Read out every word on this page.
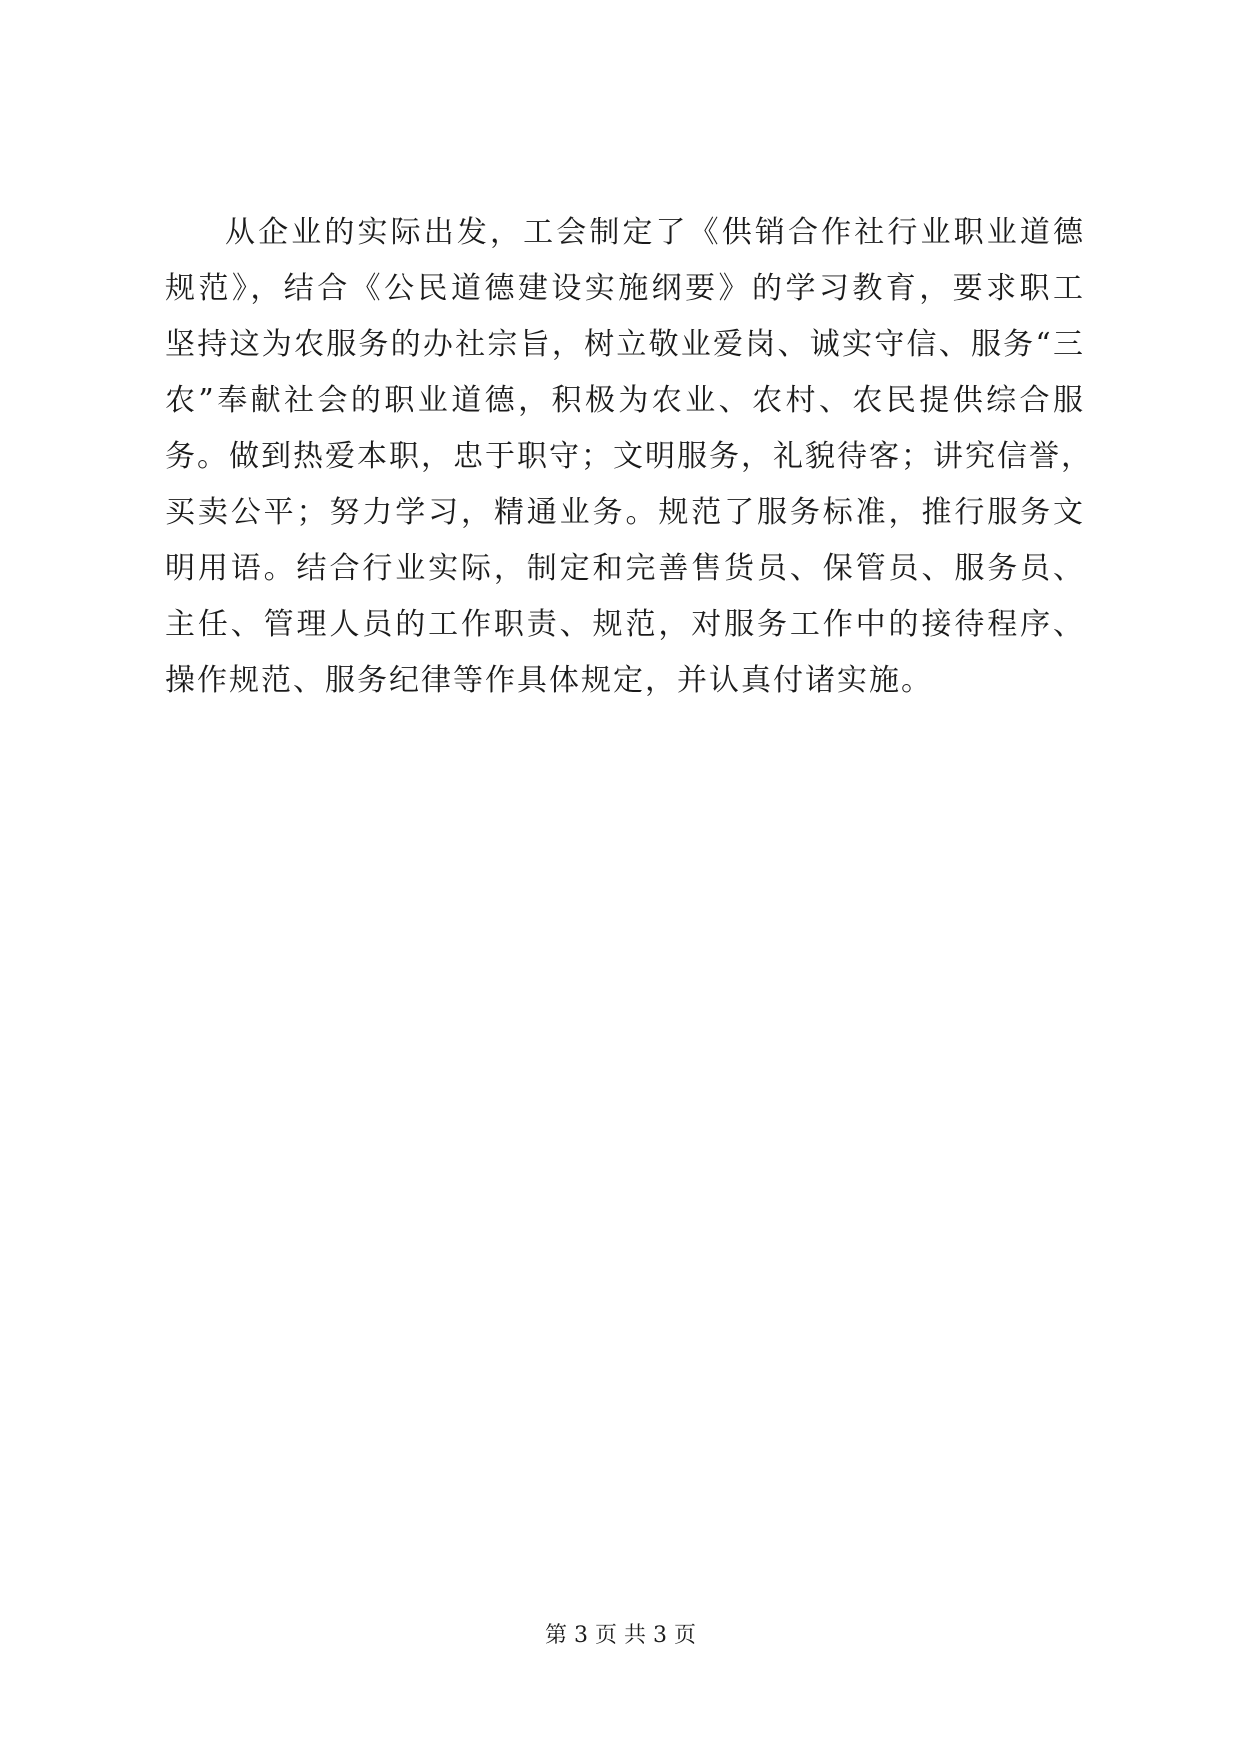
从企业的实际出发，工会制定了《供销合作社行业职业道德
规范》，结合《公民道德建设实施纲要》的学习教育，要求职工
坚持这为农服务的办社宗旨，树立敬业爱岗、诚实守信、服务“三
农”奉献社会的职业道德，积极为农业、农村、农民提供综合服
务。做到热爱本职，忠于职守；文明服务，礼貌待客；讲究信誉，
买卖公平；努力学习，精通业务。规范了服务标准，推行服务文
明用语。结合行业实际，制定和完善售货员、保管员、服务员、
主任、管理人员的工作职责、规范，对服务工作中的接待程序、
操作规范、服务纪律等作具体规定，并认真付诸实施。
第 3 页 共 3 页
